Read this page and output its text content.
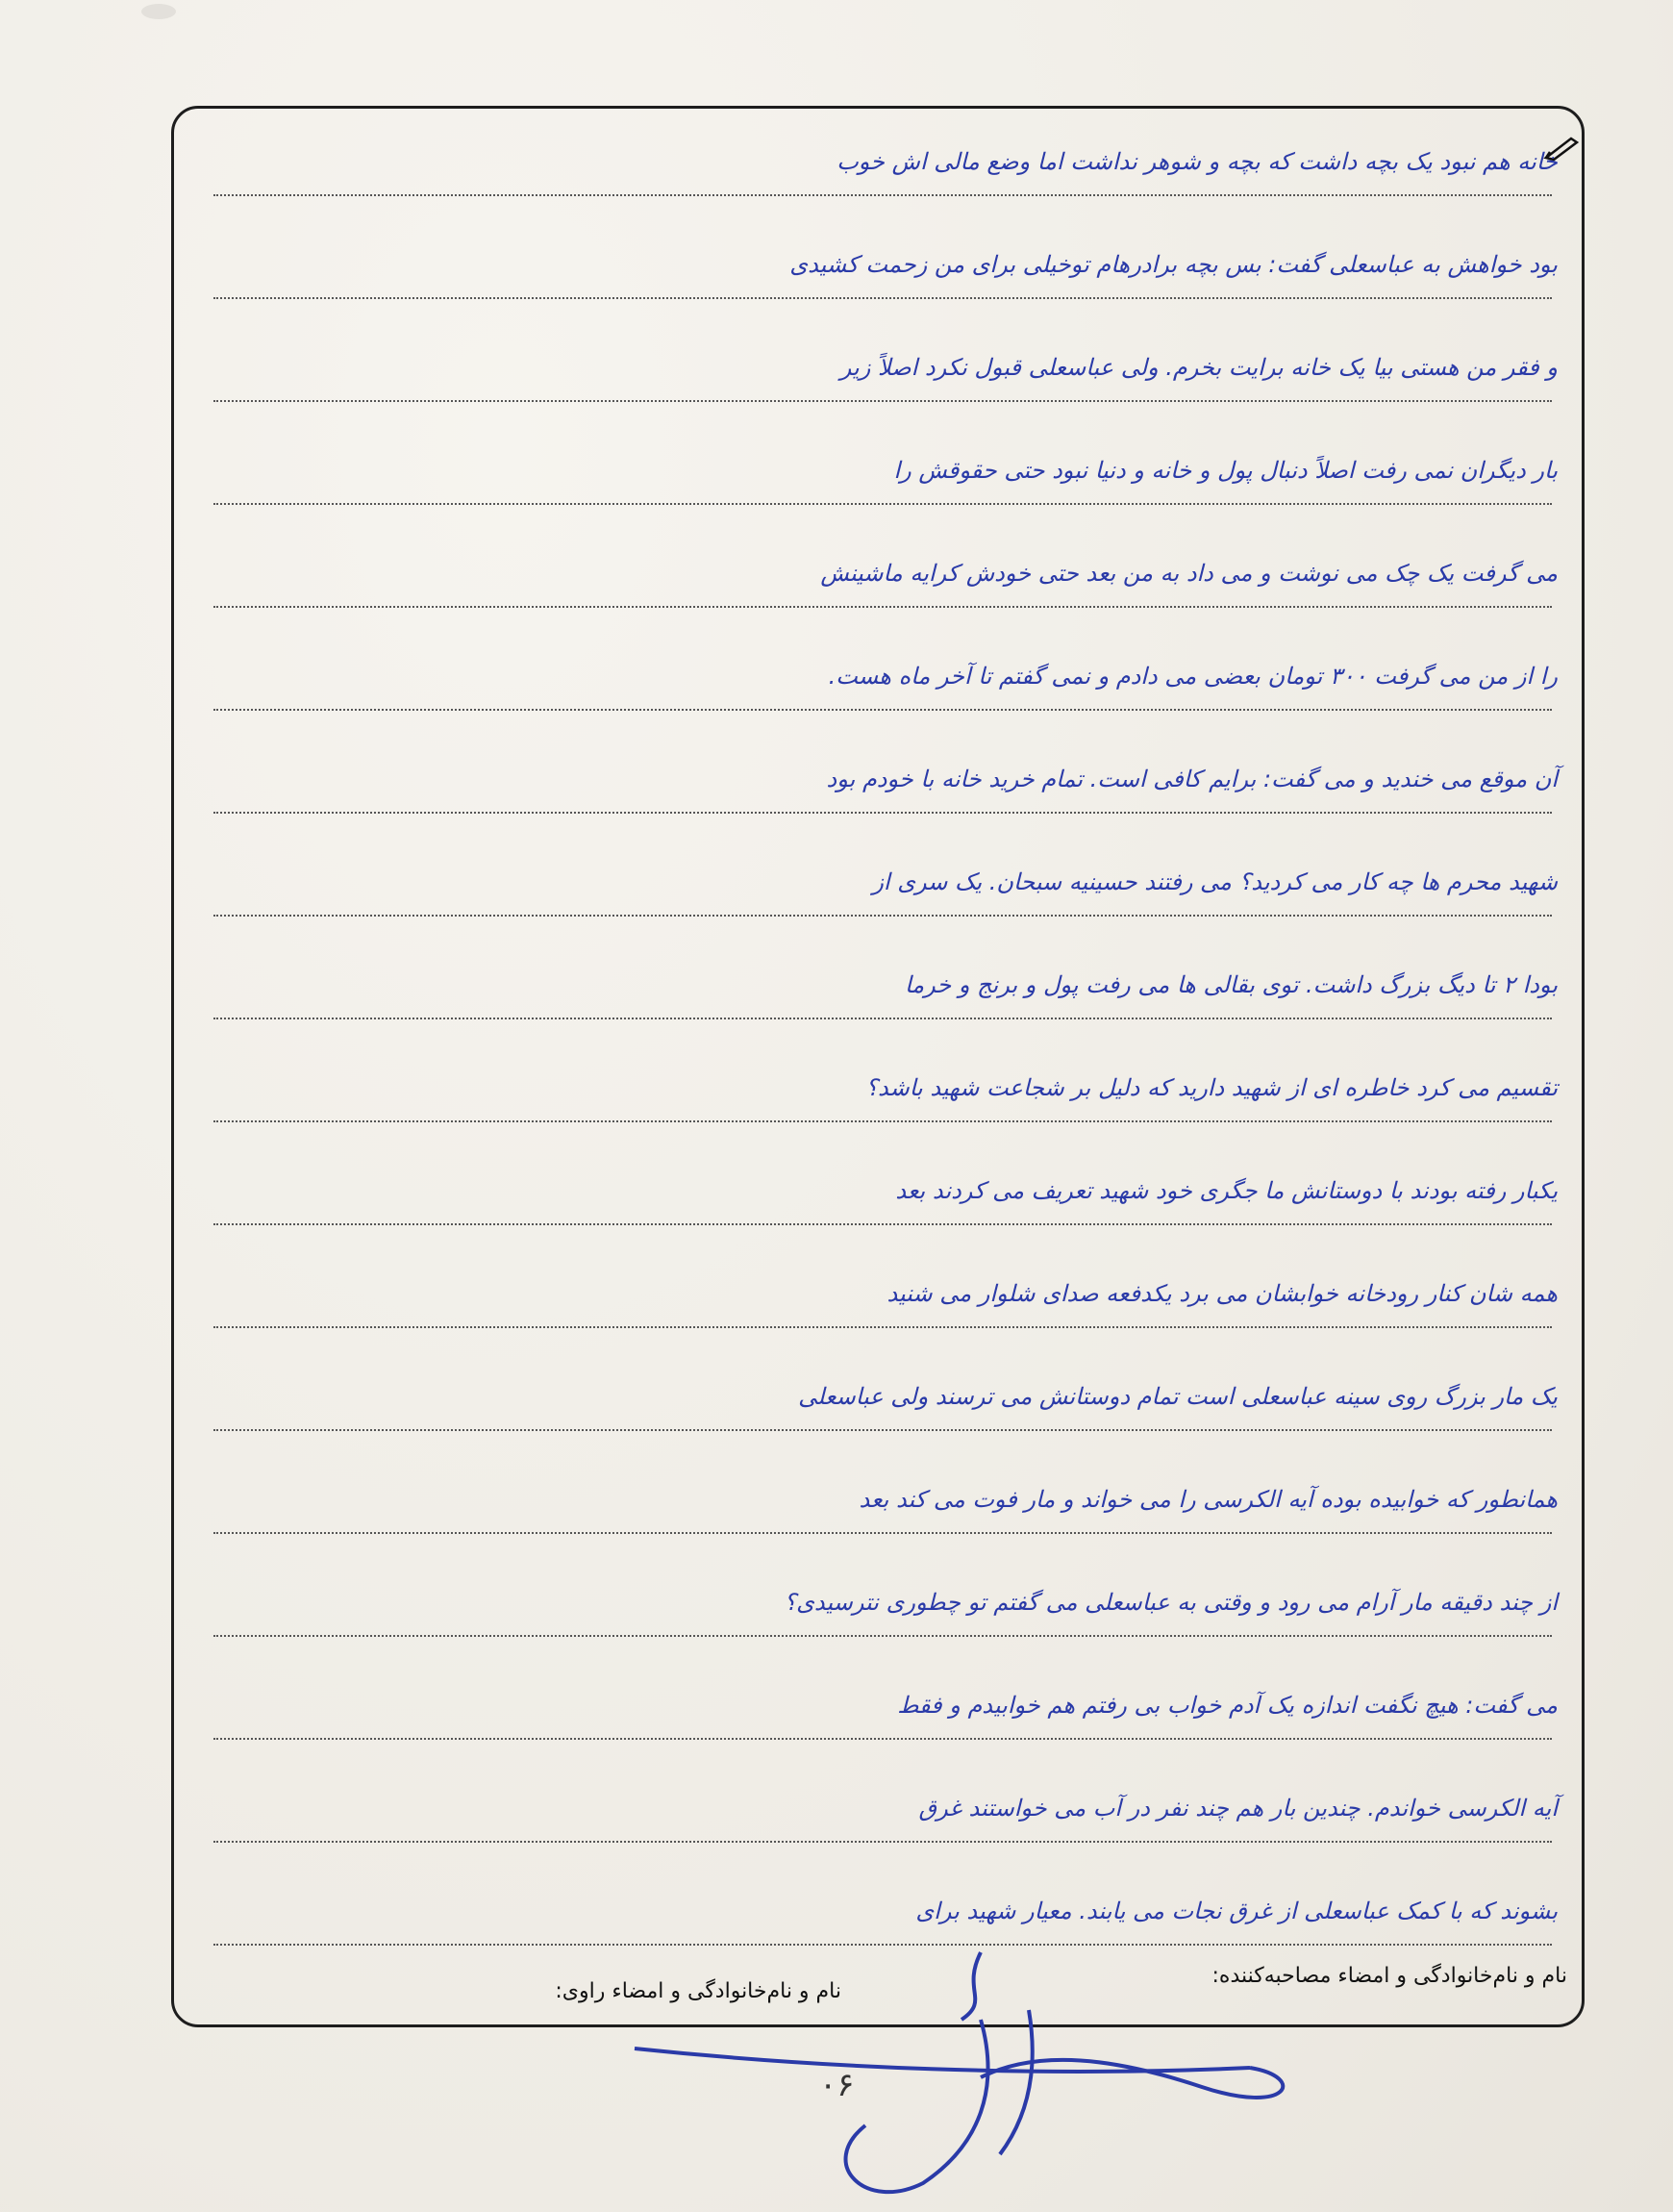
خانه هم نبود یک بچه داشت که بچه و شوهر نداشت اما وضع مالی اش خوب
بود خواهش به عباسعلی گفت: بس بچه برادرهام توخیلی برای من زحمت کشیدی
و فقر من هستی بیا یک خانه برایت بخرم. ولی عباسعلی قبول نکرد اصلاً زیر
بار دیگران نمی رفت اصلاً دنبال پول و خانه و دنیا نبود حتی حقوقش را
می گرفت یک چک می نوشت و می داد به من بعد حتی خودش کرایه ماشینش
را از من می گرفت ۳۰۰ تومان بعضی می دادم و نمی گفتم تا آخر ماه هست.
آن موقع می خندید و می گفت: برایم کافی است. تمام خرید خانه با خودم بود
شهید محرم ها چه کار می کردید؟ می رفتند حسینیه سبحان. یک سری از
بودا ۲ تا دیگ بزرگ داشت. توی بقالی ها می رفت پول و برنج و خرما
تقسیم می کرد خاطره ای از شهید دارید که دلیل بر شجاعت شهید باشد؟
یکبار رفته بودند با دوستانش ما جگری خود شهید تعریف می کردند بعد
همه شان کنار رودخانه خوابشان می برد یکدفعه صدای شلوار می شنید
یک مار بزرگ روی سینه عباسعلی است تمام دوستانش می ترسند ولی عباسعلی
همانطور که خوابیده بوده آیه الکرسی را می خواند و مار فوت می کند بعد
از چند دقیقه مار آرام می رود و وقتی به عباسعلی می گفتم تو چطوری نترسیدی؟
می گفت: هیچ نگفت اندازه یک آدم خواب بی رفتم هم خوابیدم و فقط
آیه الکرسی خواندم. چندین بار هم چند نفر در آب می خواستند غرق
بشوند که با کمک عباسعلی از غرق نجات می یابند. معیار شهید برای
نام و نام‌خانوادگی و امضاء مصاحبه‌کننده:
نام و نام‌خانوادگی و امضاء راوی:
۰۶
